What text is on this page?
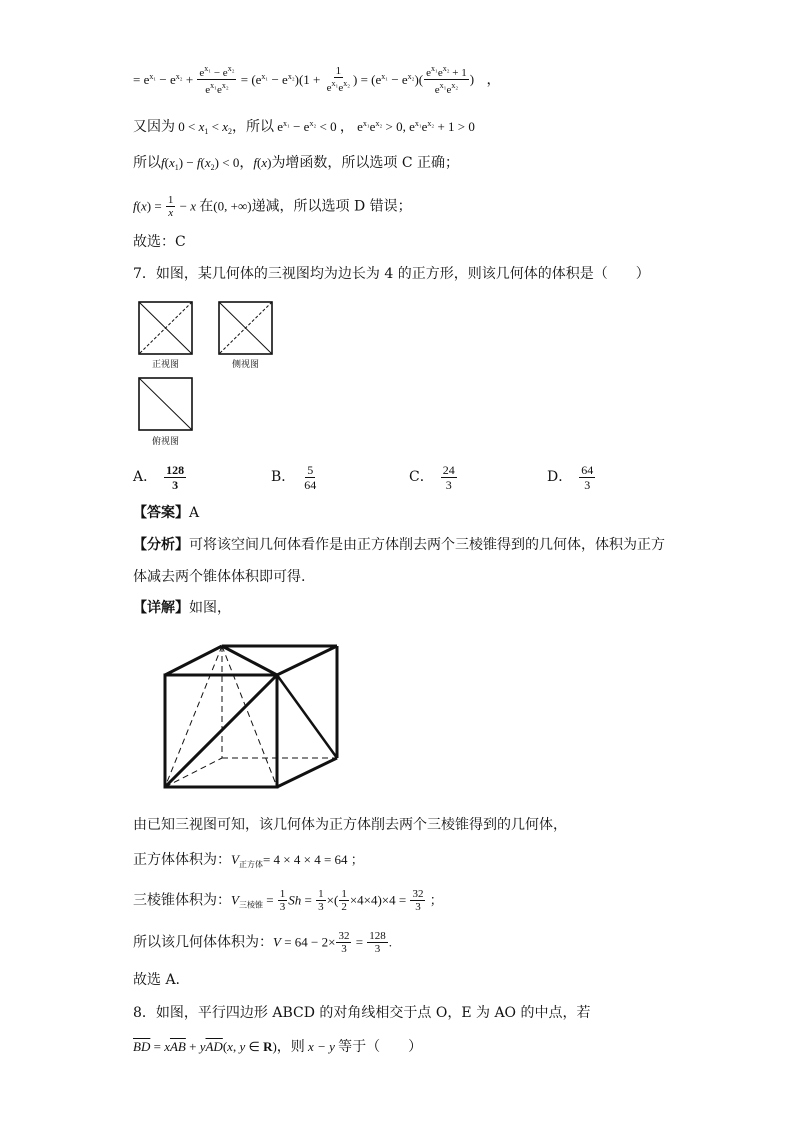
= $e^{x_1} - e^{x_2} + \frac{e^{x_1} - e^{x_2}}{e^{x_1}e^{x_2}} = (e^{x_1} - e^{x_2})(1 + \frac{1}{e^{x_1}e^{x_2}}$ ) = $(e^{x_1} - e^{x_2})( \frac{e^{x_1}e^{x_2} + 1}{e^{x_1}e^{x_2}}$ ) ，
又因为 $0 < x_1 < x_2$，所以 $e^{x_1} - e^{x_2} < 0$ ， $e^{x_1}e^{x_2} > 0$, $e^{x_1}e^{x_2} + 1 > 0$
所以$f(x_1) - f(x_2) < 0$，f(x)为增函数，所以选项 C 正确；
$f(x) = \frac{1}{x} - x$ 在(0, +∞)递减，所以选项 D 错误；
故选：C
7．如图，某几何体的三视图均为边长为 4 的正方形，则该几何体的体积是（　　）
正视图	侧视图
俯视图
A． $\frac{128}{3}$	B． $\frac{5}{64}$	C． $\frac{24}{3}$	D． $\frac{64}{3}$
【答案】A
【分析】可将该空间几何体看作是由正方体削去两个三棱锥得到的几何体，体积为正方
体减去两个锥体体积即可得.
【详解】如图，
由已知三视图可知，该几何体为正方体削去两个三棱锥得到的几何体，
正方体体积为：$V_{正方体}= 4 \times 4 \times 4 = 64$ ；
三棱锥体积为：$V_{三棱锥} = \frac{1}{3}$ $Sh = \frac{1}{3}$ ×( $\frac{1}{2} \times 4\times 4)\times 4 = \frac{32}{3}$ ；
所以该几何体体积为：$V = 64 - 2\times \frac{32}{3} = \frac{128}{3}$ .
故选 A.
8．如图，平行四边形 ABCD 的对角线相交于点 O，E 为 AO 的中点，若
$\overline{BD} = x\overline{AB} + y\overline{AD}(x$, y ∈ R)，则 x − y 等于（　　）
